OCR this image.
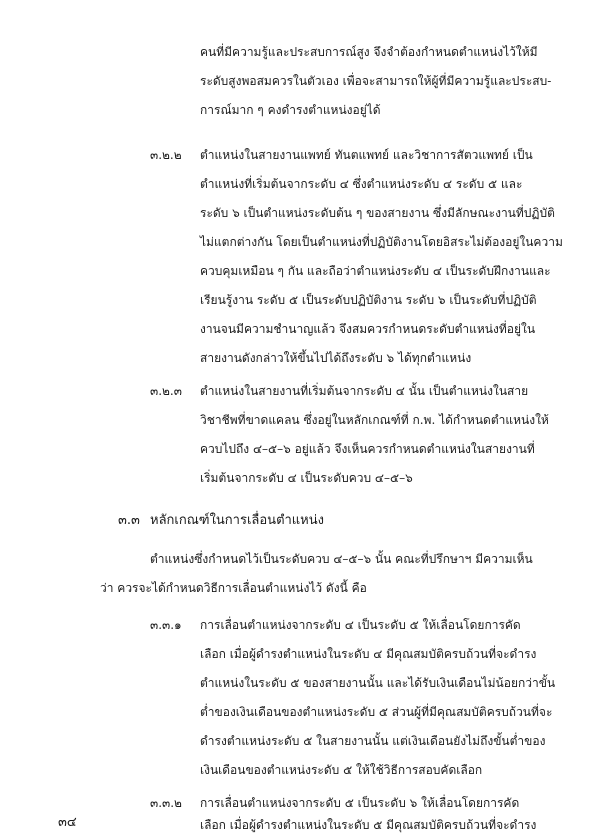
คนที่มีความรู้และประสบการณ์สูง จึงจำต้องกำหนดตำแหน่งไว้ให้มี
ระดับสูงพอสมควรในตัวเอง เพื่อจะสามารถให้ผู้ที่มีความรู้และประสบ-
การณ์มาก ๆ คงดำรงตำแหน่งอยู่ได้
๓.๒.๒ ตำแหน่งในสายงานแพทย์ ทันตแพทย์ และวิชาการสัตวแพทย์ เป็น
ตำแหน่งที่เริ่มต้นจากระดับ ๔ ซึ่งตำแหน่งระดับ ๔ ระดับ ๕ และ
ระดับ ๖ เป็นตำแหน่งระดับต้น ๆ ของสายงาน ซึ่งมีลักษณะงานที่ปฏิบัติ
ไม่แตกต่างกัน โดยเป็นตำแหน่งที่ปฏิบัติงานโดยอิสระไม่ต้องอยู่ในความ
ควบคุมเหมือน ๆ กัน และถือว่าตำแหน่งระดับ ๔ เป็นระดับฝึกงานและ
เรียนรู้งาน ระดับ ๕ เป็นระดับปฏิบัติงาน ระดับ ๖ เป็นระดับที่ปฏิบัติ
งานจนมีความชำนาญแล้ว จึงสมควรกำหนดระดับตำแหน่งที่อยู่ใน
สายงานดังกล่าวให้ขึ้นไปได้ถึงระดับ ๖ ได้ทุกตำแหน่ง
๓.๒.๓ ตำแหน่งในสายงานที่เริ่มต้นจากระดับ ๔ นั้น เป็นตำแหน่งในสาย
วิชาชีพที่ขาดแคลน ซึ่งอยู่ในหลักเกณฑ์ที่ ก.พ. ได้กำหนดตำแหน่งให้
ควบไปถึง ๔–๕–๖ อยู่แล้ว จึงเห็นควรกำหนดตำแหน่งในสายงานที่
เริ่มต้นจากระดับ ๔ เป็นระดับควบ ๔–๕–๖
๓.๓ หลักเกณฑ์ในการเลื่อนตำแหน่ง
ตำแหน่งซึ่งกำหนดไว้เป็นระดับควบ ๔–๕–๖ นั้น คณะที่ปรึกษาฯ มีความเห็น
ว่า ควรจะได้กำหนดวิธีการเลื่อนตำแหน่งไว้ ดังนี้ คือ
๓.๓.๑ การเลื่อนตำแหน่งจากระดับ ๔ เป็นระดับ ๕ ให้เลื่อนโดยการคัด
เลือก เมื่อผู้ดำรงตำแหน่งในระดับ ๔ มีคุณสมบัติครบถ้วนที่จะดำรง
ตำแหน่งในระดับ ๕ ของสายงานนั้น และได้รับเงินเดือนไม่น้อยกว่าขั้น
ต่ำของเงินเดือนของตำแหน่งระดับ ๕ ส่วนผู้ที่มีคุณสมบัติครบถ้วนที่จะ
ดำรงตำแหน่งระดับ ๕ ในสายงานนั้น แต่เงินเดือนยังไม่ถึงขั้นต่ำของ
เงินเดือนของตำแหน่งระดับ ๕ ให้ใช้วิธีการสอบคัดเลือก
๓.๓.๒ การเลื่อนตำแหน่งจากระดับ ๕ เป็นระดับ ๖ ให้เลื่อนโดยการคัด
เลือก เมื่อผู้ดำรงตำแหน่งในระดับ ๕ มีคุณสมบัติครบถ้วนที่จะดำรง
๓๔
